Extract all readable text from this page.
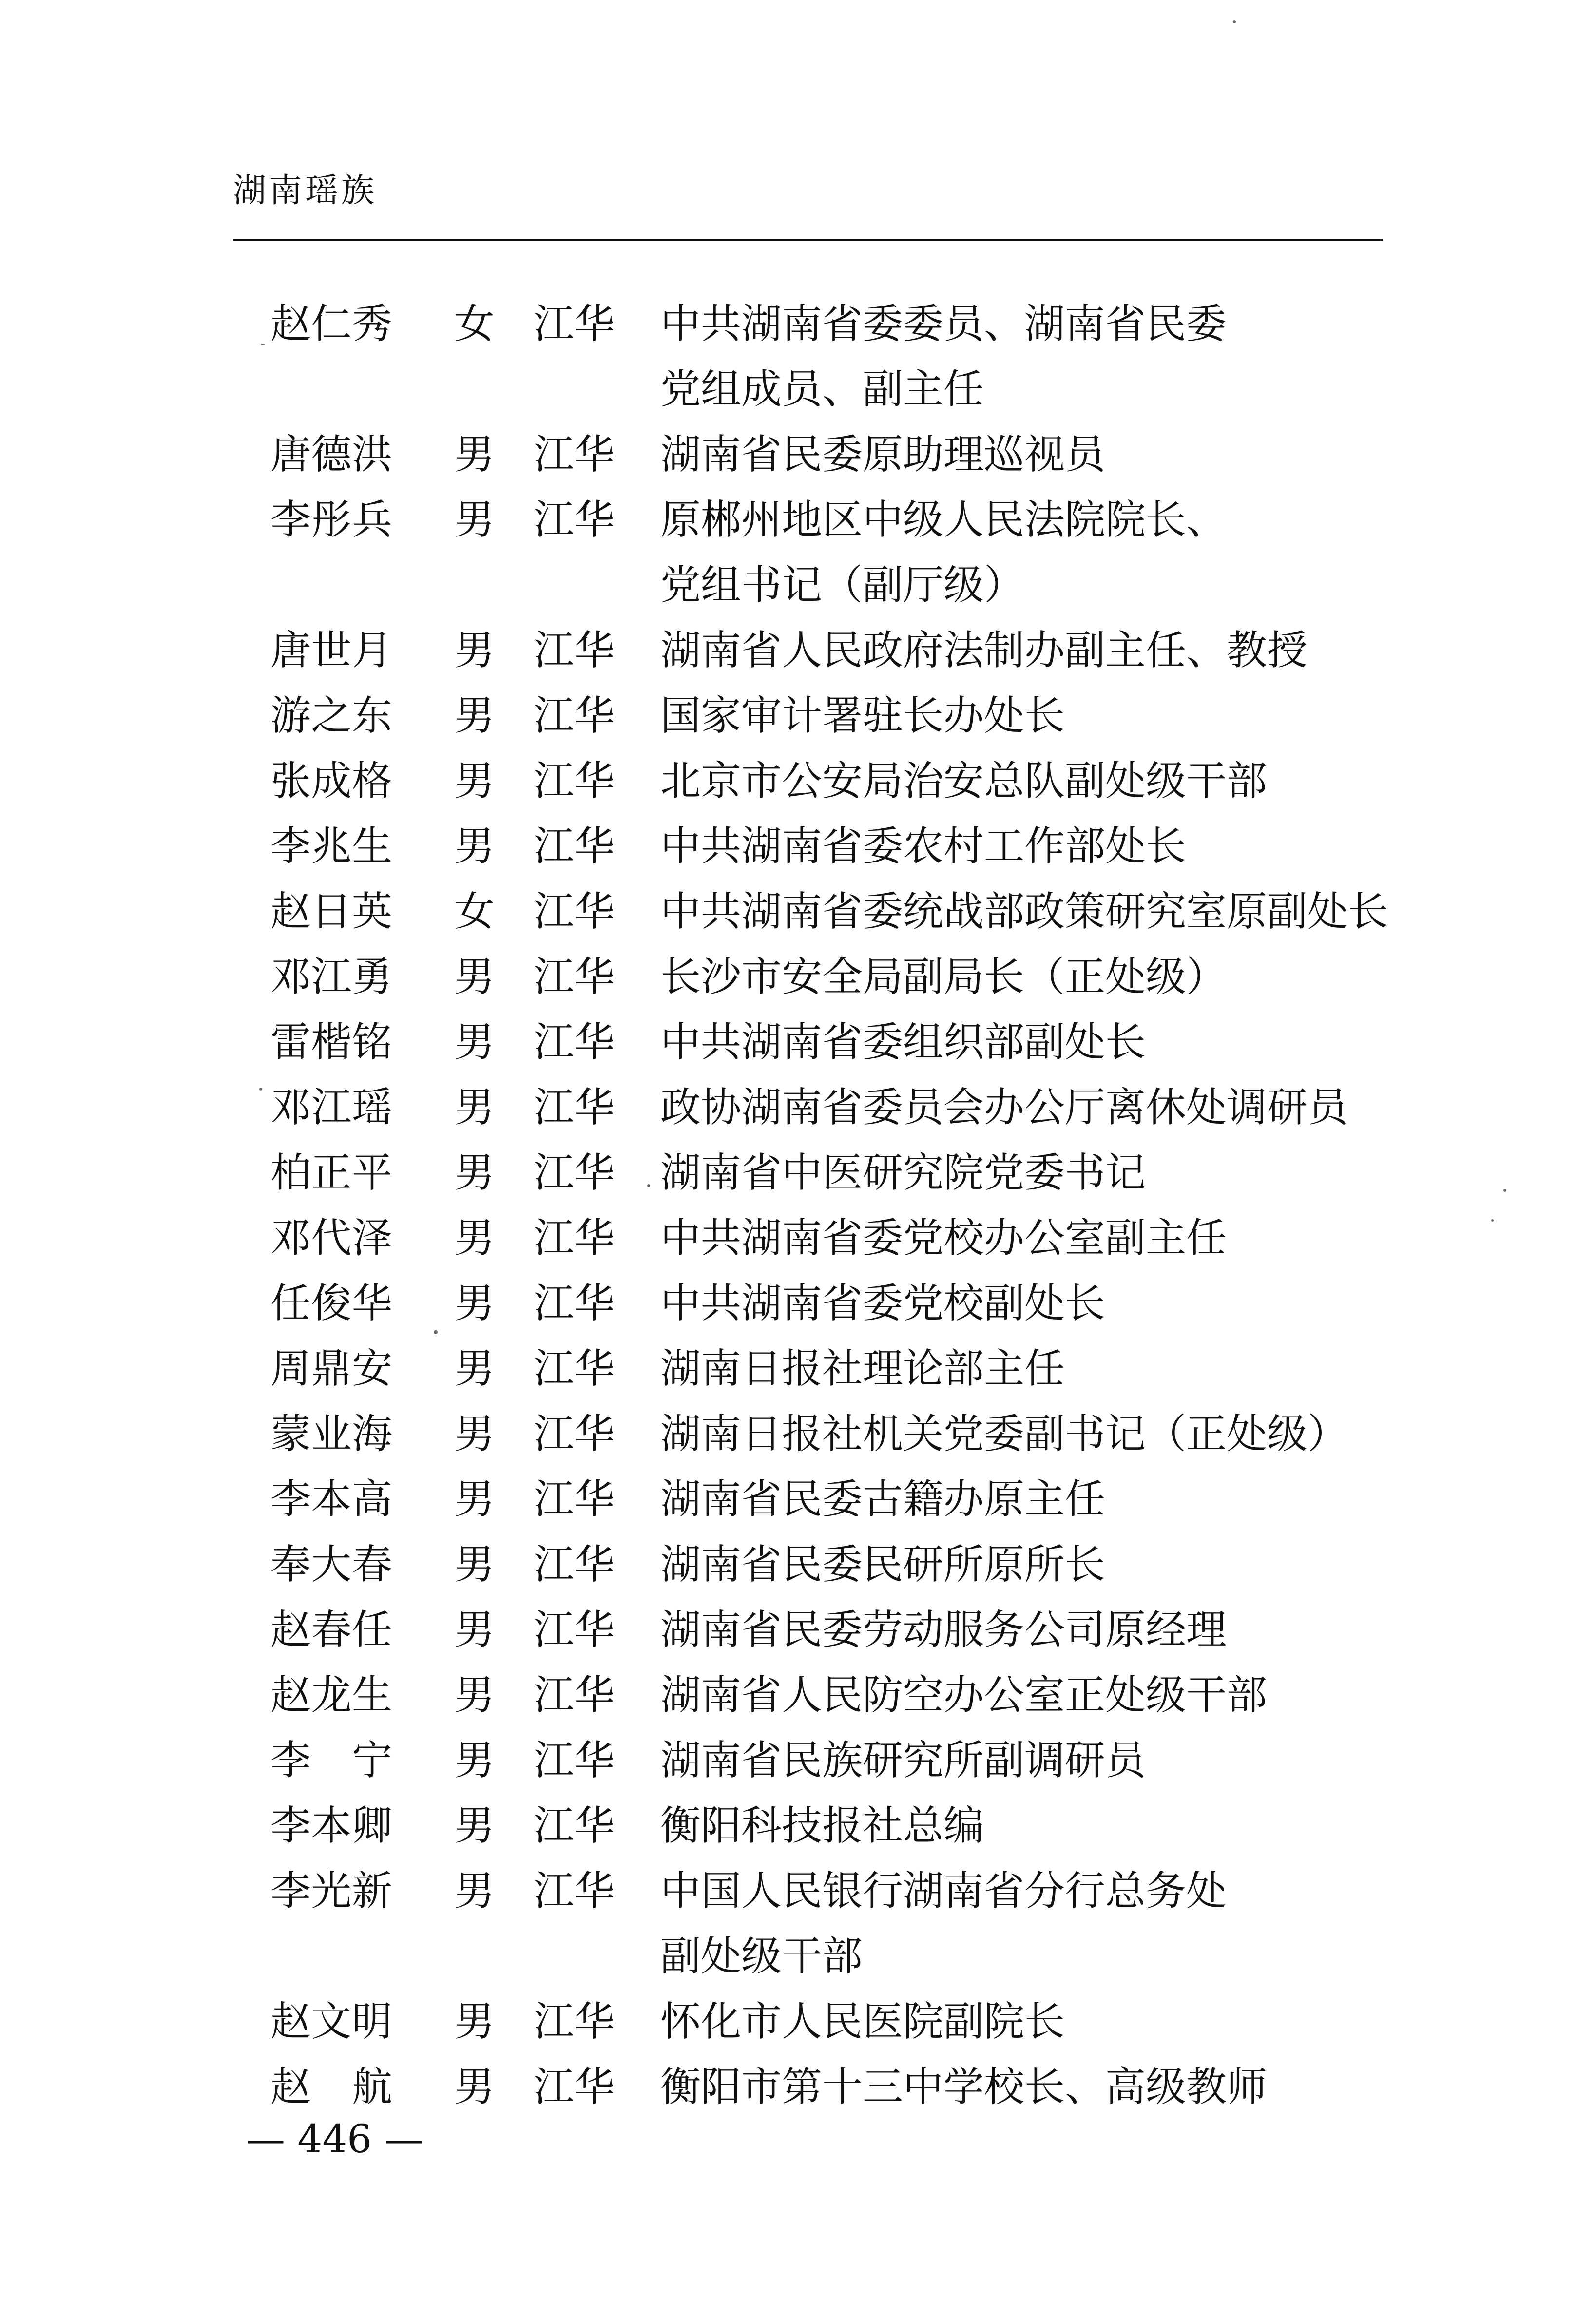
湖南瑶族
赵仁秀 女 江华 中共湖南省委委员、湖南省民委
党组成员、副主任
唐德洪 男 江华 湖南省民委原助理巡视员
李彤兵 男 江华 原郴州地区中级人民法院院长、
党组书记（副厅级）
唐世月 男 江华 湖南省人民政府法制办副主任、教授
游之东 男 江华 国家审计署驻长办处长
张成格 男 江华 北京市公安局治安总队副处级干部
李兆生 男 江华 中共湖南省委农村工作部处长
赵日英 女 江华 中共湖南省委统战部政策研究室原副处长
邓江勇 男 江华 长沙市安全局副局长（正处级）
雷楷铭 男 江华 中共湖南省委组织部副处长
邓江瑶 男 江华 政协湖南省委员会办公厅离休处调研员
柏正平 男 江华 湖南省中医研究院党委书记
邓代泽 男 江华 中共湖南省委党校办公室副主任
任俊华 男 江华 中共湖南省委党校副处长
周鼎安 男 江华 湖南日报社理论部主任
蒙业海 男 江华 湖南日报社机关党委副书记（正处级）
李本高 男 江华 湖南省民委古籍办原主任
奉大春 男 江华 湖南省民委民研所原所长
赵春任 男 江华 湖南省民委劳动服务公司原经理
赵龙生 男 江华 湖南省人民防空办公室正处级干部
李 宁 男 江华 湖南省民族研究所副调研员
李本卿 男 江华 衡阳科技报社总编
李光新 男 江华 中国人民银行湖南省分行总务处
副处级干部
赵文明 男 江华 怀化市人民医院副院长
赵 航 男 江华 衡阳市第十三中学校长、高级教师
— 446 —
